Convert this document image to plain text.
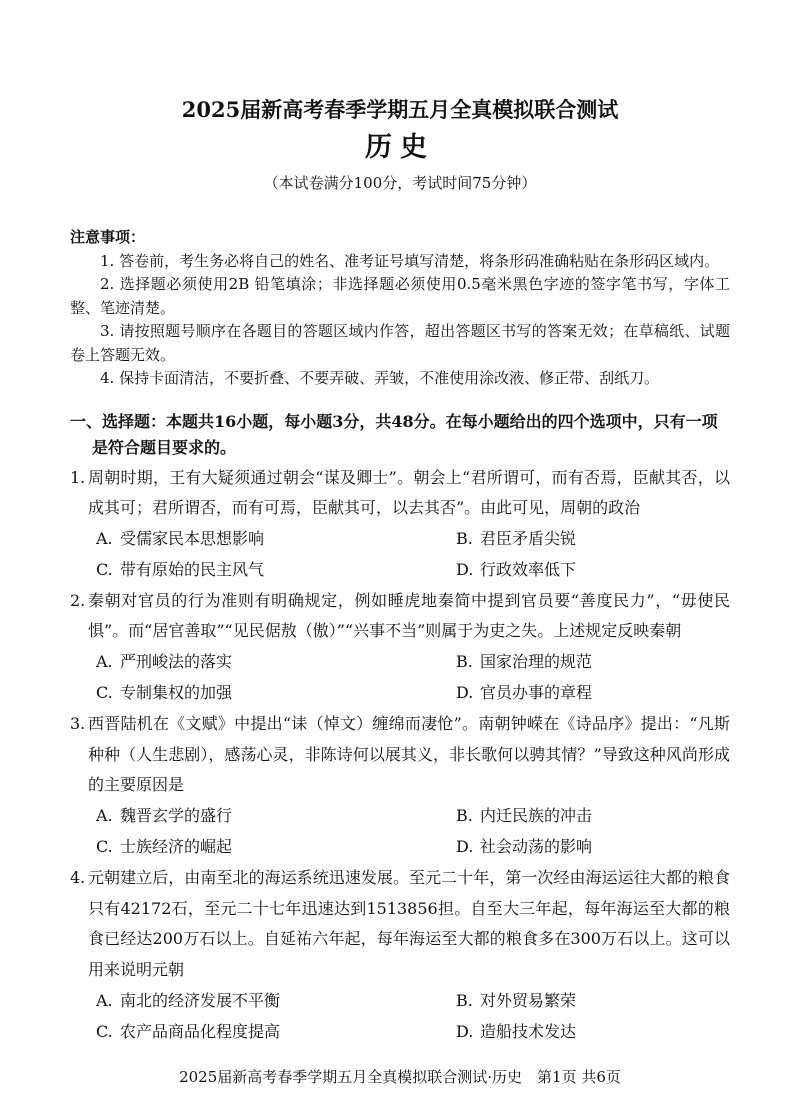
2025届新高考春季学期五月全真模拟联合测试
历史
（本试卷满分100分，考试时间75分钟）
注意事项：

1. 答卷前，考生务必将自己的姓名、准考证号填写清楚，将条形码准确粘贴在条形码区域内。

2. 选择题必须使用2B 铅笔填涂；非选择题必须使用0.5毫米黑色字迹的签字笔书写，字体工整、笔迹清楚。

3. 请按照题号顺序在各题目的答题区域内作答，超出答题区书写的答案无效；在草稿纸、试题卷上答题无效。

4. 保持卡面清洁，不要折叠、不要弄破、弄皱，不准使用涂改液、修正带、刮纸刀。

一、选择题：本题共16小题，每小题3分，共48分。在每小题给出的四个选项中，只有一项
是符合题目要求的。
1. 周朝时期，王有大疑须通过朝会“谋及卿士”。朝会上“君所谓可，而有否焉，臣献其否，以成其可；君所谓否，而有可焉，臣献其可，以去其否”。由此可见，周朝的政治
A. 受儒家民本思想影响	B. 君臣矛盾尖锐
C. 带有原始的民主风气	D. 行政效率低下
2. 秦朝对官员的行为准则有明确规定，例如睡虎地秦简中提到官员要“善度民力”，“毋使民惧”。而“居官善取”“见民倨敖（傲）”“兴事不当”则属于为吏之失。上述规定反映秦朝
A. 严刑峻法的落实	B. 国家治理的规范
C. 专制集权的加强	D. 官员办事的章程
3. 西晋陆机在《文赋》中提出“诔（悼文）缠绵而凄怆”。南朝钟嵘在《诗品序》提出：“凡斯种种（人生悲剧），感荡心灵，非陈诗何以展其义，非长歌何以骋其情？”导致这种风尚形成的主要原因是
A. 魏晋玄学的盛行	B. 内迁民族的冲击
C. 士族经济的崛起	D. 社会动荡的影响
4. 元朝建立后，由南至北的海运系统迅速发展。至元二十年，第一次经由海运运往大都的粮食只有42172石，至元二十七年迅速达到1513856担。自至大三年起，每年海运至大都的粮食已经达200万石以上。自延祐六年起，每年海运至大都的粮食多在300万石以上。这可以用来说明元朝
A. 南北的经济发展不平衡	B. 对外贸易繁荣
C. 农产品商品化程度提高	D. 造船技术发达
2025届新高考春季学期五月全真模拟联合测试·历史　第1页 共6页
